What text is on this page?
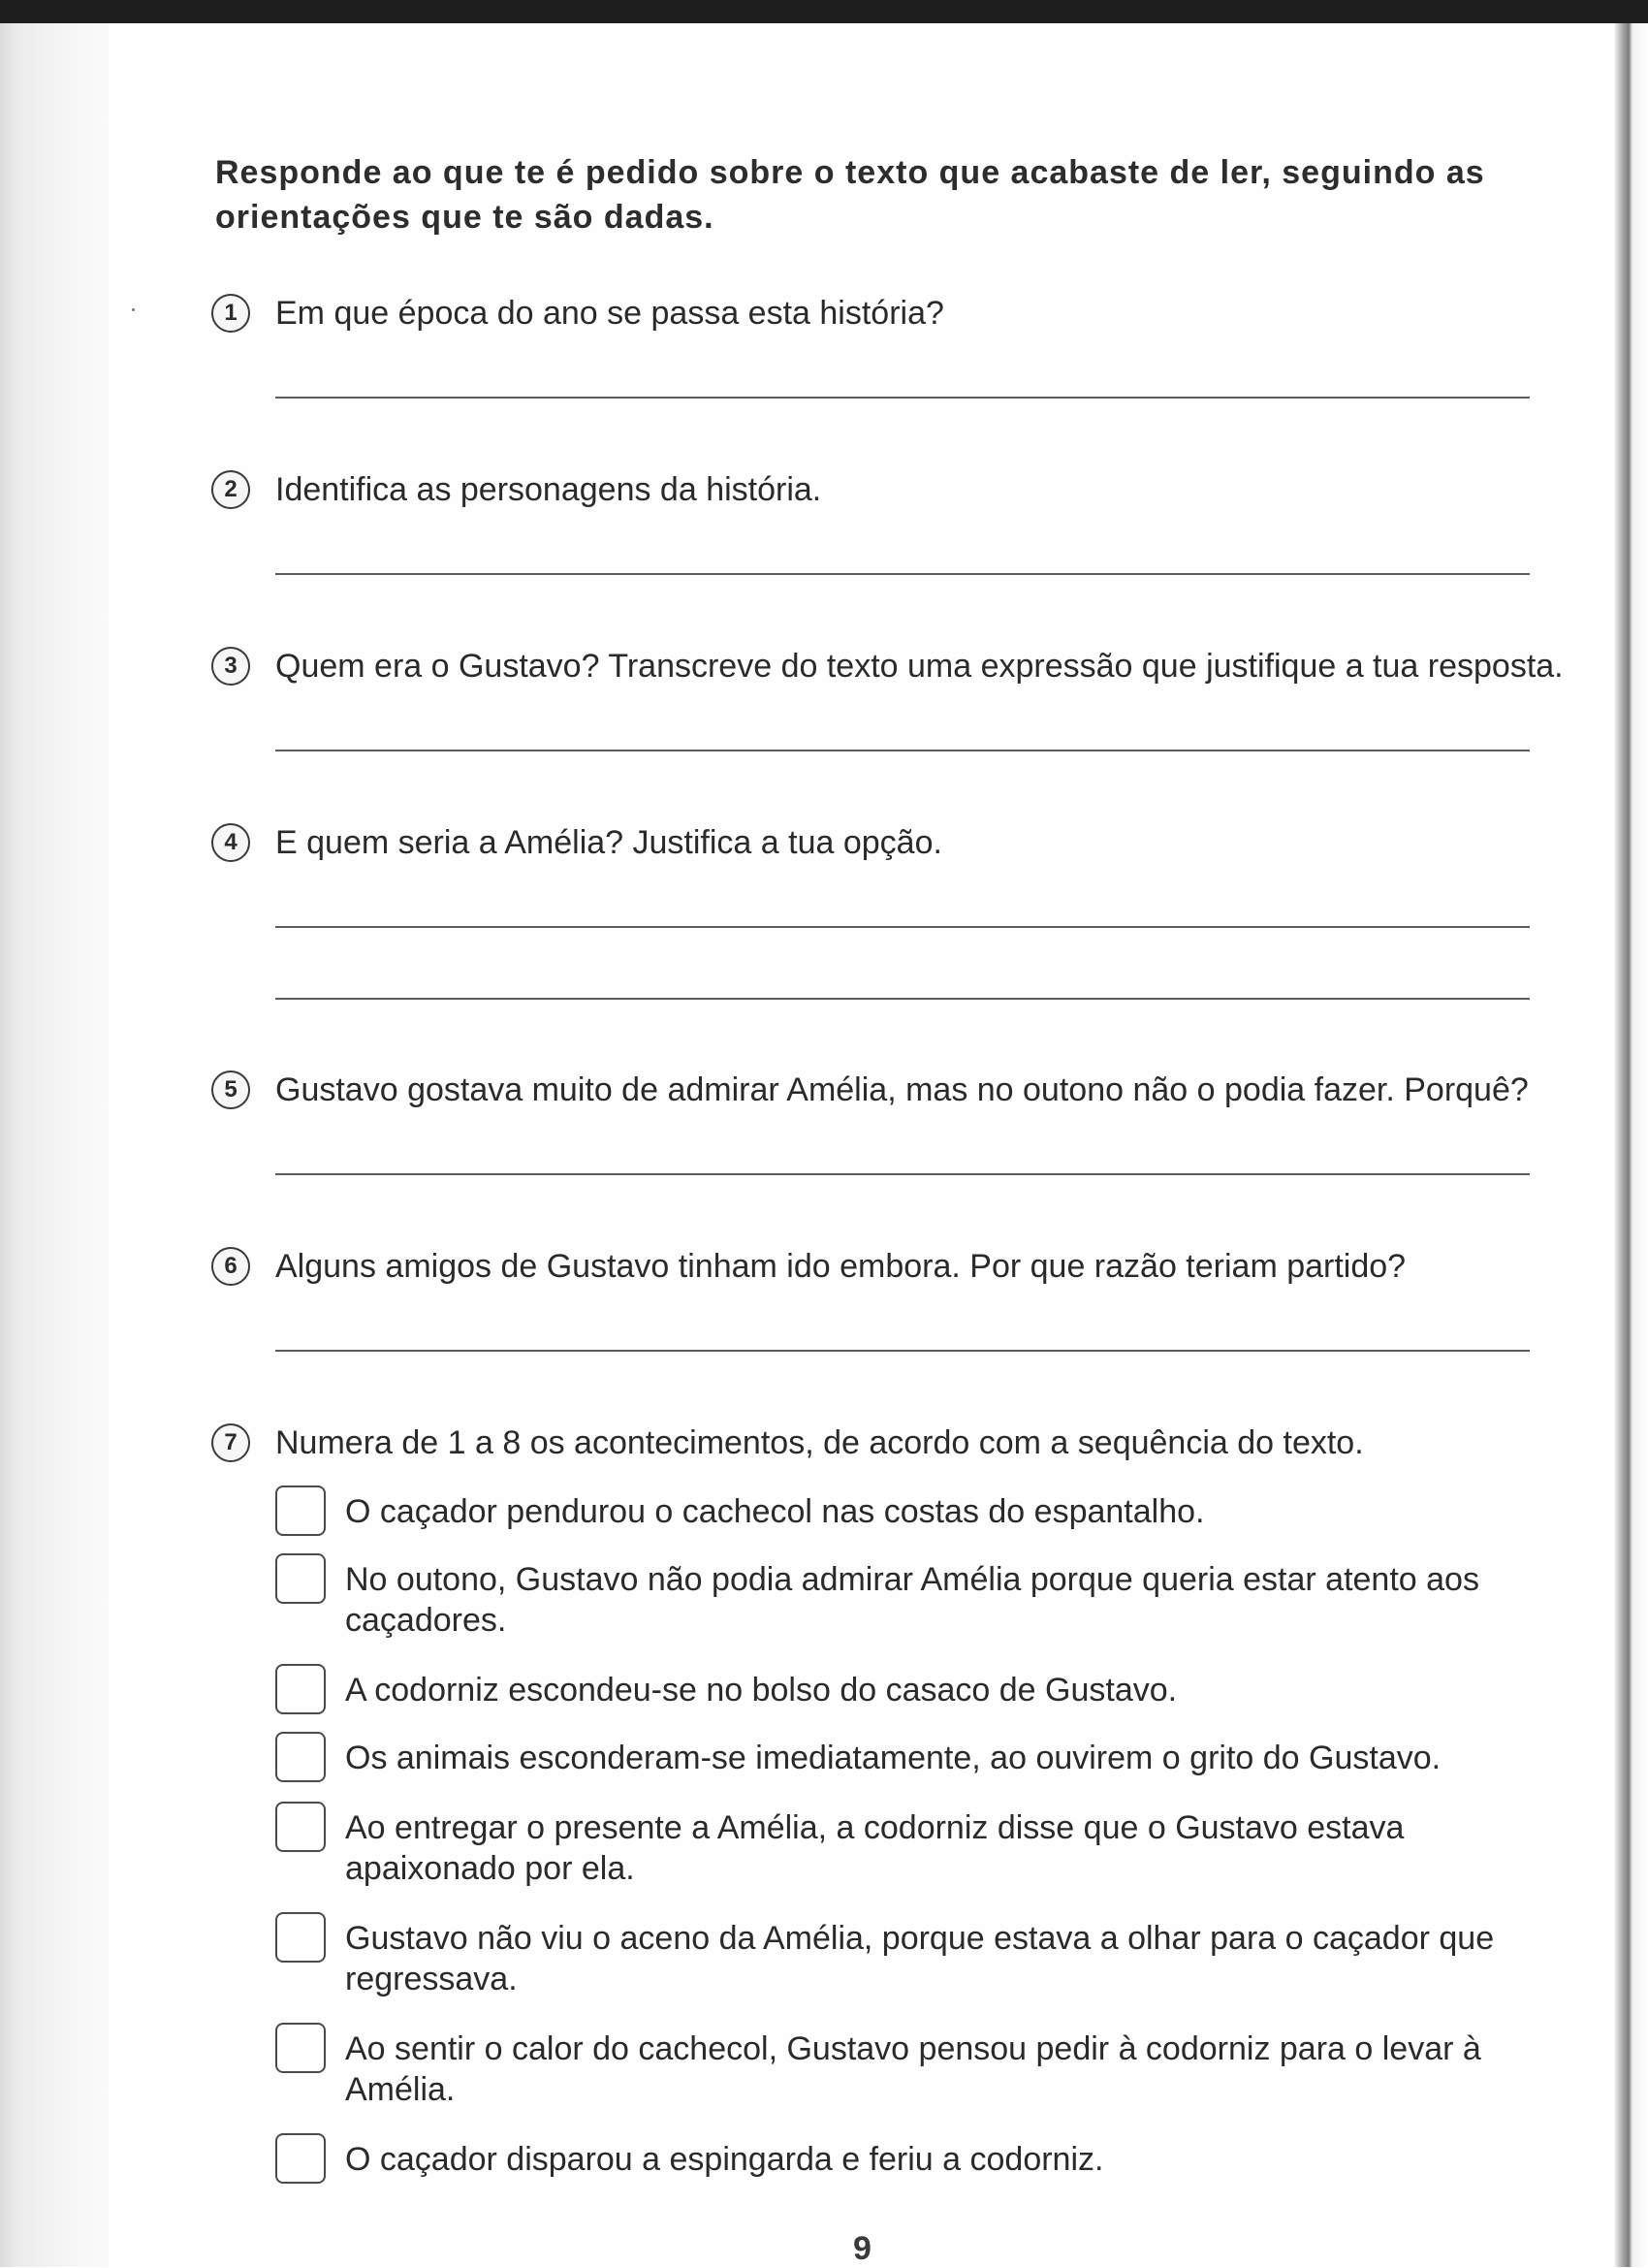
Responde ao que te é pedido sobre o texto que acabaste de ler, seguindo as orientações que te são dadas.

1	Em que época do ano se passa esta história?
2	Identifica as personagens da história.
3	Quem era o Gustavo? Transcreve do texto uma expressão que justifique a tua resposta.
4	E quem seria a Amélia? Justifica a tua opção.
5	Gustavo gostava muito de admirar Amélia, mas no outono não o podia fazer. Porquê?
6	Alguns amigos de Gustavo tinham ido embora. Por que razão teriam partido?
7	Numera de 1 a 8 os acontecimentos, de acordo com a sequência do texto.
O caçador pendurou o cachecol nas costas do espantalho.
No outono, Gustavo não podia admirar Amélia porque queria estar atento aos caçadores.
A codorniz escondeu-se no bolso do casaco de Gustavo.
Os animais esconderam-se imediatamente, ao ouvirem o grito do Gustavo.
Ao entregar o presente a Amélia, a codorniz disse que o Gustavo estava apaixonado por ela.
Gustavo não viu o aceno da Amélia, porque estava a olhar para o caçador que regressava.
Ao sentir o calor do cachecol, Gustavo pensou pedir à codorniz para o levar à Amélia.
O caçador disparou a espingarda e feriu a codorniz.
9
